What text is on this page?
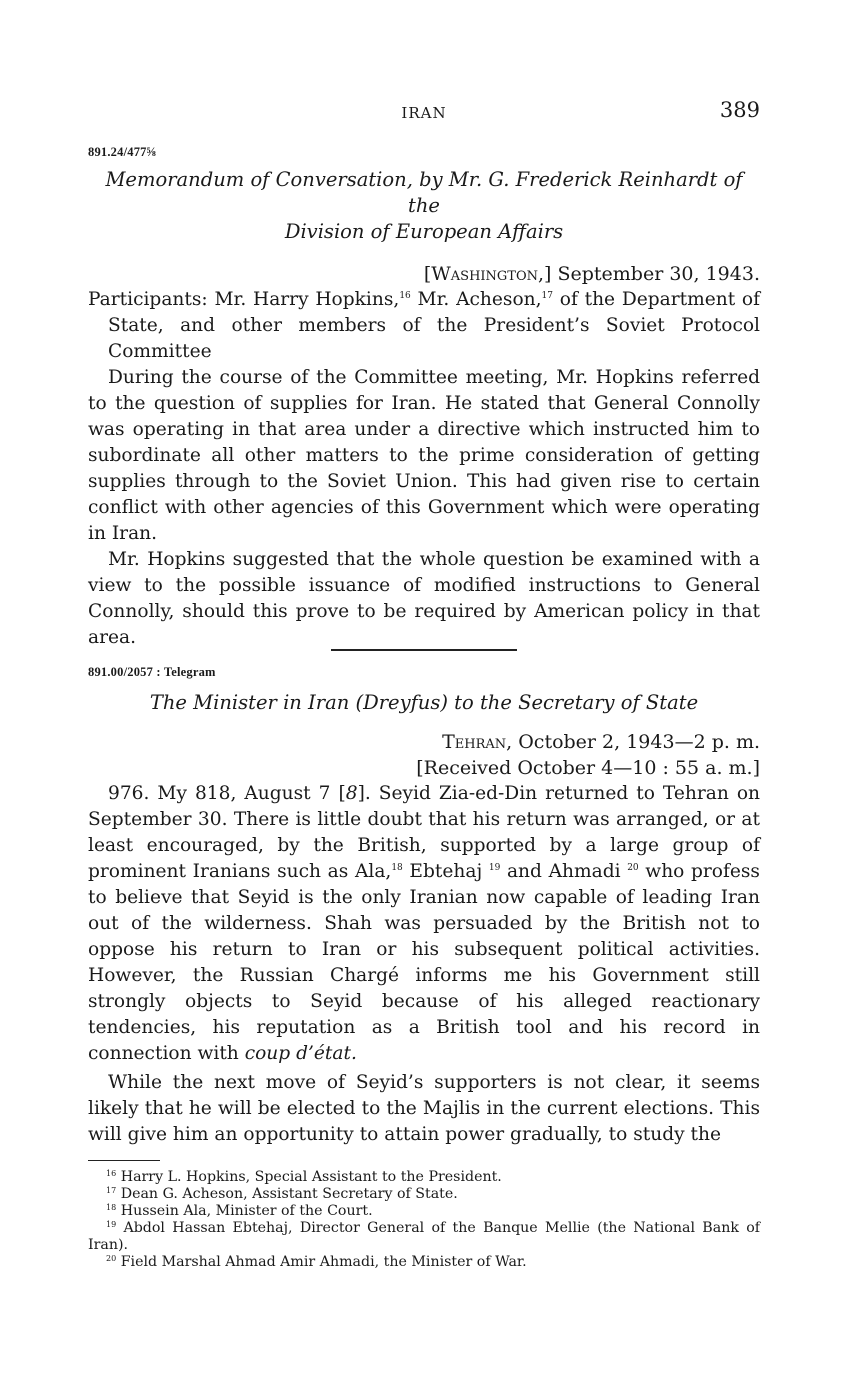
IRAN	389
891.24/477⅝
Memorandum of Conversation, by Mr. G. Frederick Reinhardt of the
Division of European Affairs
[Washington,] September 30, 1943.

Participants: Mr. Harry Hopkins,$^{16}$ Mr. Acheson,$^{17}$ of the Department of State, and other members of the President’s Soviet Protocol Committee

During the course of the Committee meeting, Mr. Hopkins referred to the question of supplies for Iran. He stated that General Connolly was operating in that area under a directive which instructed him to subordinate all other matters to the prime consideration of getting supplies through to the Soviet Union. This had given rise to certain conflict with other agencies of this Government which were operating in Iran.

Mr. Hopkins suggested that the whole question be examined with a view to the possible issuance of modified instructions to General Connolly, should this prove to be required by American policy in that area.

891.00/2057 : Telegram
The Minister in Iran (Dreyfus) to the Secretary of State
Tehran, October 2, 1943—2 p. m.
[Received October 4—10 : 55 a. m.]

976. My 818, August 7 [8]. Seyid Zia-ed-Din returned to Tehran on September 30. There is little doubt that his return was arranged, or at least encouraged, by the British, supported by a large group of prominent Iranians such as Ala,$^{18}$ Ebtehaj $^{19}$ and Ahmadi $^{20}$ who profess to believe that Seyid is the only Iranian now capable of leading Iran out of the wilderness. Shah was persuaded by the British not to oppose his return to Iran or his subsequent political activities. However, the Russian Chargé informs me his Government still strongly objects to Seyid because of his alleged reactionary tendencies, his reputation as a British tool and his record in connection with coup d’état.

While the next move of Seyid’s supporters is not clear, it seems likely that he will be elected to the Majlis in the current elections. This will give him an opportunity to attain power gradually, to study the

$^{16}$ Harry L. Hopkins, Special Assistant to the President.

$^{17}$ Dean G. Acheson, Assistant Secretary of State.

$^{18}$ Hussein Ala, Minister of the Court.

$^{19}$ Abdol Hassan Ebtehaj, Director General of the Banque Mellie (the National Bank of Iran).

$^{20}$ Field Marshal Ahmad Amir Ahmadi, the Minister of War.
